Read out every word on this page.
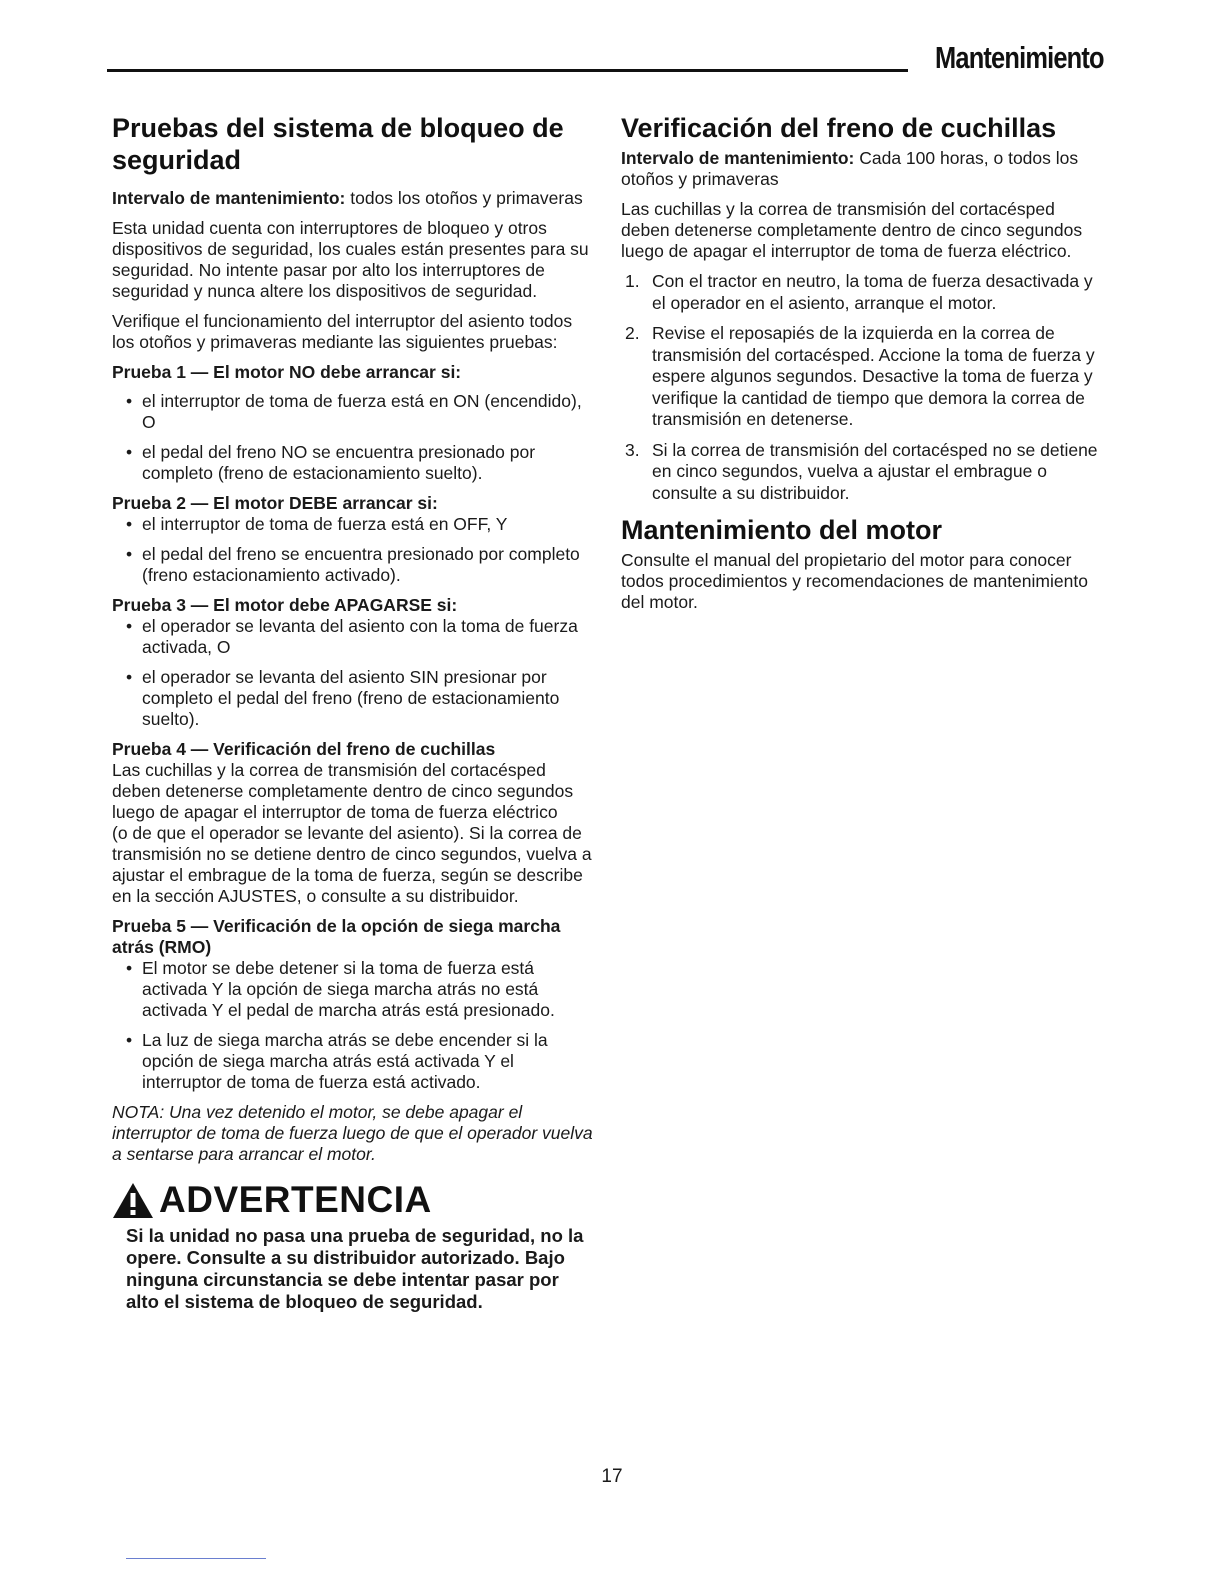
Mantenimiento
Pruebas del sistema de bloqueo de seguridad

Intervalo de mantenimiento: todos los otoños y primaveras

Esta unidad cuenta con interruptores de bloqueo y otros dispositivos de seguridad, los cuales están presentes para su seguridad. No intente pasar por alto los interruptores de seguridad y nunca altere los dispositivos de seguridad.

Verifique el funcionamiento del interruptor del asiento todos los otoños y primaveras mediante las siguientes pruebas:

Prueba 1 — El motor NO debe arrancar si:
• el interruptor de toma de fuerza está en ON (encendido), O
• el pedal del freno NO se encuentra presionado por completo (freno de estacionamiento suelto).
Prueba 2 — El motor DEBE arrancar si:
• el interruptor de toma de fuerza está en OFF, Y
• el pedal del freno se encuentra presionado por completo (freno estacionamiento activado).
Prueba 3 — El motor debe APAGARSE si:
• el operador se levanta del asiento con la toma de fuerza activada, O
• el operador se levanta del asiento SIN presionar por completo el pedal del freno (freno de estacionamiento suelto).
Prueba 4 — Verificación del freno de cuchillas

Las cuchillas y la correa de transmisión del cortacésped deben detenerse completamente dentro de cinco segundos luego de apagar el interruptor de toma de fuerza eléctrico

(o de que el operador se levante del asiento). Si la correa de transmisión no se detiene dentro de cinco segundos, vuelva a ajustar el embrague de la toma de fuerza, según se describe en la sección AJUSTES, o consulte a su distribuidor.

Prueba 5 — Verificación de la opción de siega marcha atrás (RMO)
• El motor se debe detener si la toma de fuerza está activada Y la opción de siega marcha atrás no está activada Y el pedal de marcha atrás está presionado.
• La luz de siega marcha atrás se debe encender si la opción de siega marcha atrás está activada Y el interruptor de toma de fuerza está activado.
NOTA: Una vez detenido el motor, se debe apagar el interruptor de toma de fuerza luego de que el operador vuelva a sentarse para arrancar el motor.
ADVERTENCIA
Si la unidad no pasa una prueba de seguridad, no la opere. Consulte a su distribuidor autorizado. Bajo ninguna circunstancia se debe intentar pasar por alto el sistema de bloqueo de seguridad.
Verificación del freno de cuchillas

Intervalo de mantenimiento: Cada 100 horas, o todos los otoños y primaveras

Las cuchillas y la correa de transmisión del cortacésped deben detenerse completamente dentro de cinco segundos luego de apagar el interruptor de toma de fuerza eléctrico.

1. Con el tractor en neutro, la toma de fuerza desactivada y el operador en el asiento, arranque el motor.
2. Revise el reposapiés de la izquierda en la correa de transmisión del cortacésped. Accione la toma de fuerza y espere algunos segundos. Desactive la toma de fuerza y verifique la cantidad de tiempo que demora la correa de transmisión en detenerse.
3. Si la correa de transmisión del cortacésped no se detiene en cinco segundos, vuelva a ajustar el embrague o consulte a su distribuidor.
Mantenimiento del motor

Consulte el manual del propietario del motor para conocer todos procedimientos y recomendaciones de mantenimiento del motor.

17
